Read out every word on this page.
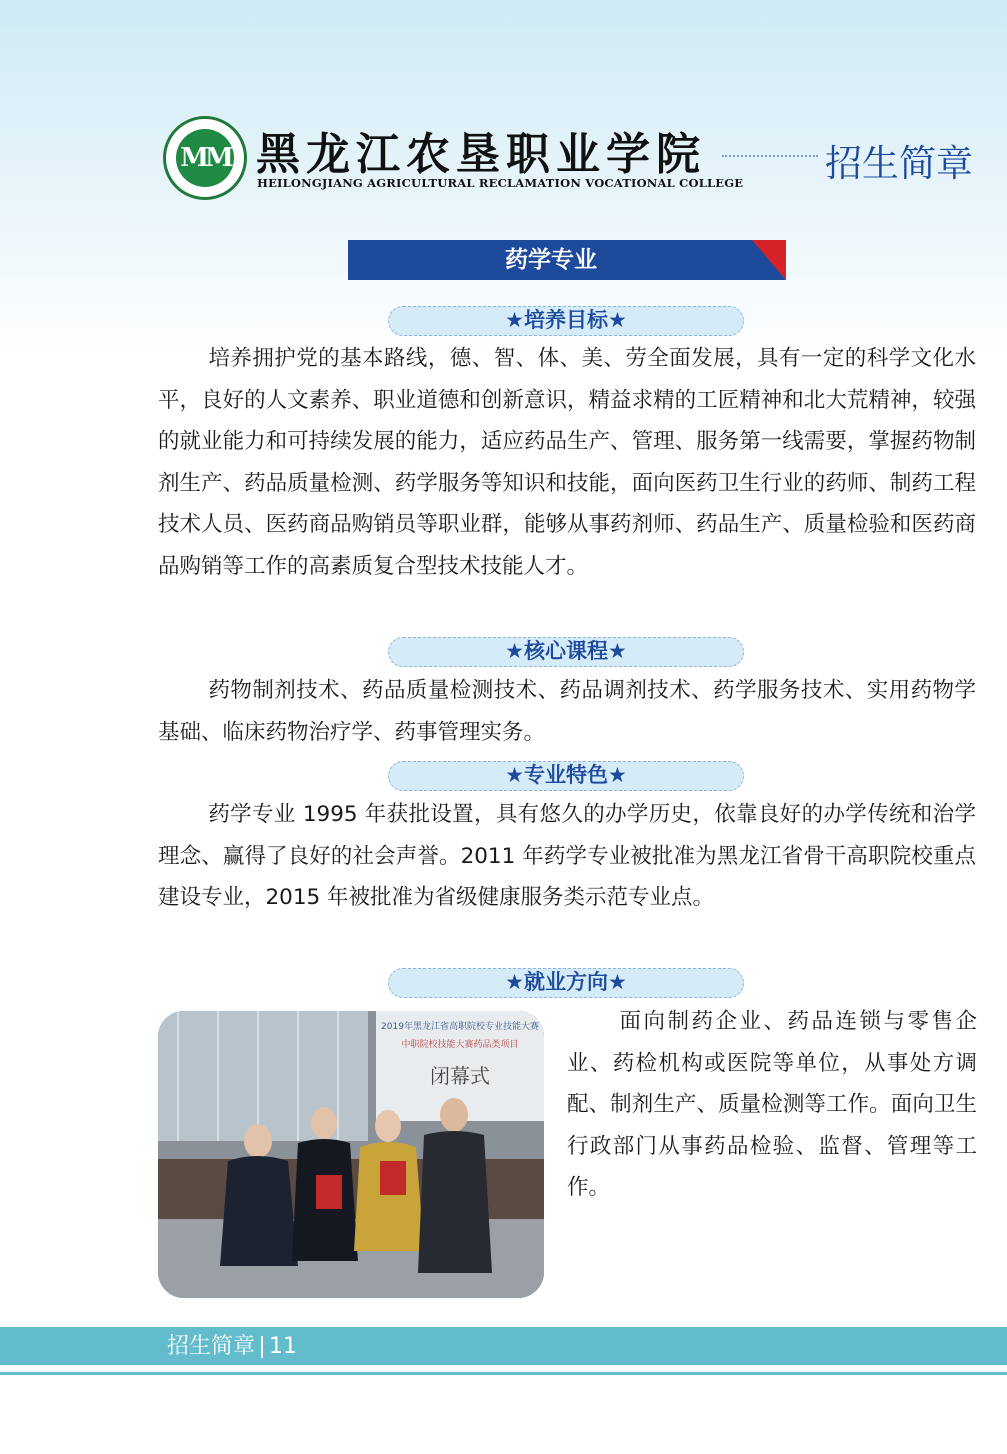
MM 黑龙江农垦职业学院
HEILONGJIANG AGRICULTURAL RECLAMATION VOCATIONAL COLLEGE 招生简章
药学专业
★培养目标★

培养拥护党的基本路线，德、智、体、美、劳全面发展，具有一定的科学文化水平，良好的人文素养、职业道德和创新意识，精益求精的工匠精神和北大荒精神，较强的就业能力和可持续发展的能力，适应药品生产、管理、服务第一线需要，掌握药物制剂生产、药品质量检测、药学服务等知识和技能，面向医药卫生行业的药师、制药工程技术人员、医药商品购销员等职业群，能够从事药剂师、药品生产、质量检验和医药商品购销等工作的高素质复合型技术技能人才。

★核心课程★

药物制剂技术、药品质量检测技术、药品调剂技术、药学服务技术、实用药物学基础、临床药物治疗学、药事管理实务。

★专业特色★

药学专业 1995 年获批设置，具有悠久的办学历史，依靠良好的办学传统和治学理念、赢得了良好的社会声誉。2011 年药学专业被批准为黑龙江省骨干高职院校重点建设专业，2015 年被批准为省级健康服务类示范专业点。

★就业方向★
2019年黑龙江省高职院校专业技能大赛
中职院校技能大赛药品类项目
闭幕式

面向制药企业、药品连锁与零售企业、药检机构或医院等单位，从事处方调配、制剂生产、质量检测等工作。面向卫生行政部门从事药品检验、监督、管理等工作。

招生简章 11
